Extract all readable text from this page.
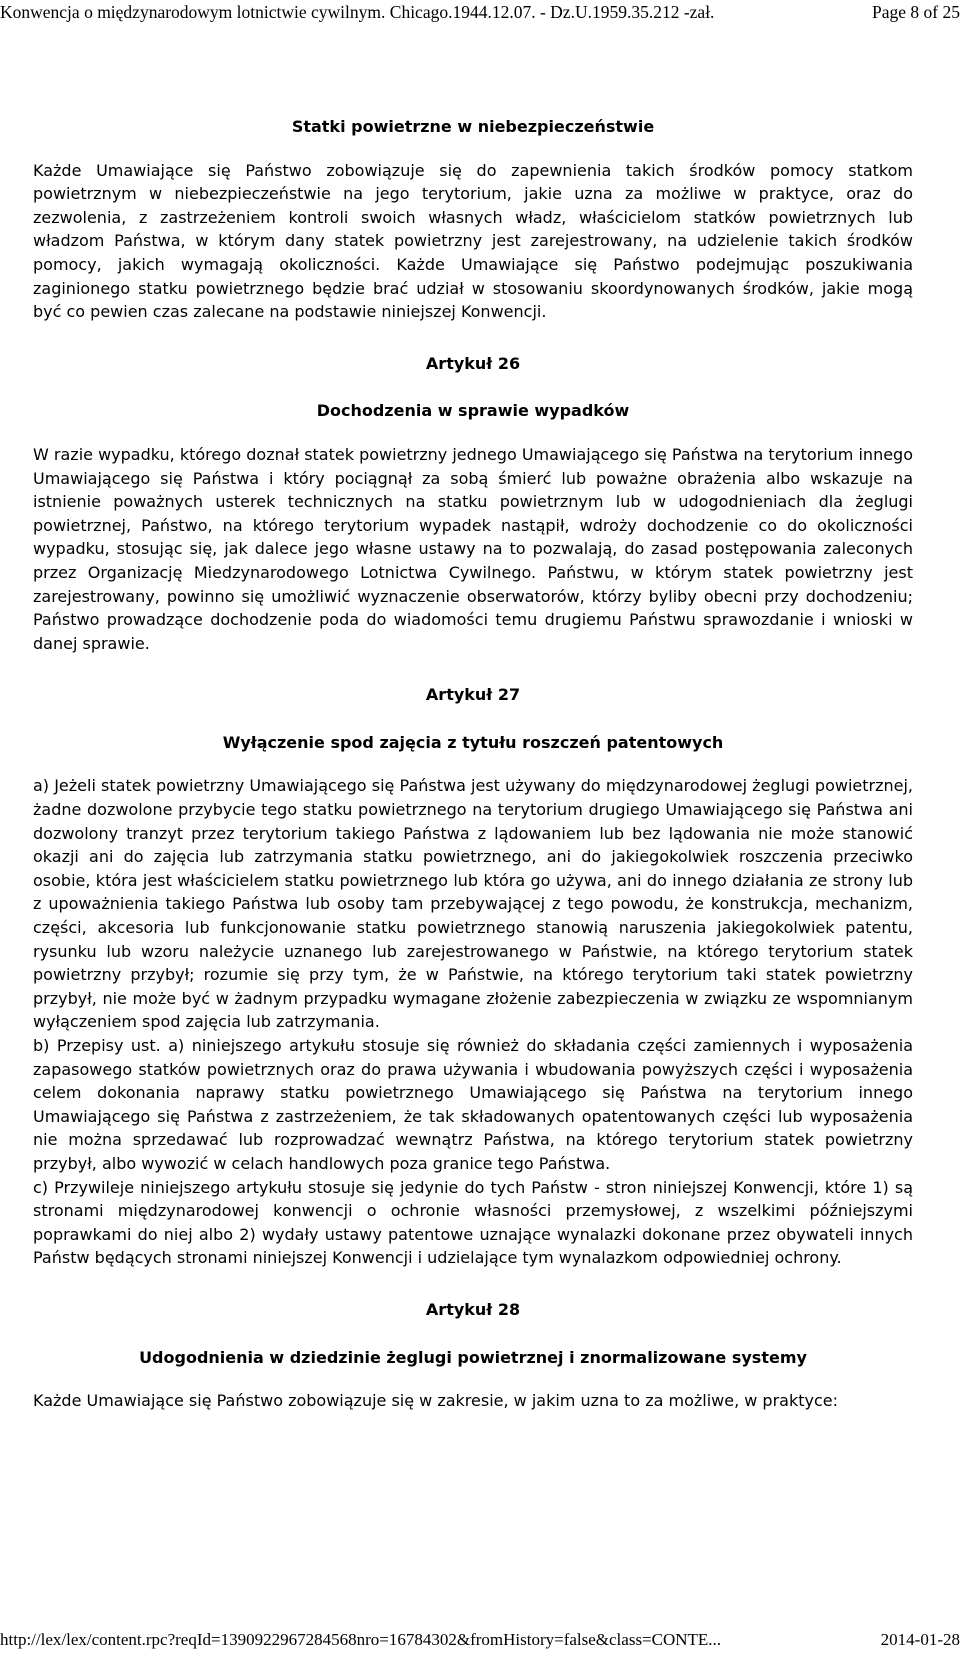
Konwencja o międzynarodowym lotnictwie cywilnym. Chicago.1944.12.07. - Dz.U.1959.35.212 -zał.	Page 8 of 25
Statki powietrzne w niebezpieczeństwie

Każde Umawiające się Państwo zobowiązuje się do zapewnienia takich środków pomocy statkom powietrznym w niebezpieczeństwie na jego terytorium, jakie uzna za możliwe w praktyce, oraz do zezwolenia, z zastrzeżeniem kontroli swoich własnych władz, właścicielom statków powietrznych lub władzom Państwa, w którym dany statek powietrzny jest zarejestrowany, na udzielenie takich środków pomocy, jakich wymagają okoliczności. Każde Umawiające się Państwo podejmując poszukiwania zaginionego statku powietrznego będzie brać udział w stosowaniu skoordynowanych środków, jakie mogą być co pewien czas zalecane na podstawie niniejszej Konwencji.

Artykuł 26
Dochodzenia w sprawie wypadków

W razie wypadku, którego doznał statek powietrzny jednego Umawiającego się Państwa na terytorium innego Umawiającego się Państwa i który pociągnął za sobą śmierć lub poważne obrażenia albo wskazuje na istnienie poważnych usterek technicznych na statku powietrznym lub w udogodnieniach dla żeglugi powietrznej, Państwo, na którego terytorium wypadek nastąpił, wdroży dochodzenie co do okoliczności wypadku, stosując się, jak dalece jego własne ustawy na to pozwalają, do zasad postępowania zaleconych przez Organizację Miedzynarodowego Lotnictwa Cywilnego. Państwu, w którym statek powietrzny jest zarejestrowany, powinno się umożliwić wyznaczenie obserwatorów, którzy byliby obecni przy dochodzeniu; Państwo prowadzące dochodzenie poda do wiadomości temu drugiemu Państwu sprawozdanie i wnioski w danej sprawie.

Artykuł 27
Wyłączenie spod zajęcia z tytułu roszczeń patentowych

a) Jeżeli statek powietrzny Umawiającego się Państwa jest używany do międzynarodowej żeglugi powietrznej, żadne dozwolone przybycie tego statku powietrznego na terytorium drugiego Umawiającego się Państwa ani dozwolony tranzyt przez terytorium takiego Państwa z lądowaniem lub bez lądowania nie może stanowić okazji ani do zajęcia lub zatrzymania statku powietrznego, ani do jakiegokolwiek roszczenia przeciwko osobie, która jest właścicielem statku powietrznego lub która go używa, ani do innego działania ze strony lub z upoważnienia takiego Państwa lub osoby tam przebywającej z tego powodu, że konstrukcja, mechanizm, części, akcesoria lub funkcjonowanie statku powietrznego stanowią naruszenia jakiegokolwiek patentu, rysunku lub wzoru należycie uznanego lub zarejestrowanego w Państwie, na którego terytorium statek powietrzny przybył; rozumie się przy tym, że w Państwie, na którego terytorium taki statek powietrzny przybył, nie może być w żadnym przypadku wymagane złożenie zabezpieczenia w związku ze wspomnianym wyłączeniem spod zajęcia lub zatrzymania.

b) Przepisy ust. a) niniejszego artykułu stosuje się również do składania części zamiennych i wyposażenia zapasowego statków powietrznych oraz do prawa używania i wbudowania powyższych części i wyposażenia celem dokonania naprawy statku powietrznego Umawiającego się Państwa na terytorium innego Umawiającego się Państwa z zastrzeżeniem, że tak składowanych opatentowanych części lub wyposażenia nie można sprzedawać lub rozprowadzać wewnątrz Państwa, na którego terytorium statek powietrzny przybył, albo wywozić w celach handlowych poza granice tego Państwa.

c) Przywileje niniejszego artykułu stosuje się jedynie do tych Państw - stron niniejszej Konwencji, które 1) są stronami międzynarodowej konwencji o ochronie własności przemysłowej, z wszelkimi późniejszymi poprawkami do niej albo 2) wydały ustawy patentowe uznające wynalazki dokonane przez obywateli innych Państw będących stronami niniejszej Konwencji i udzielające tym wynalazkom odpowiedniej ochrony.

Artykuł 28
Udogodnienia w dziedzinie żeglugi powietrznej i znormalizowane systemy

Każde Umawiające się Państwo zobowiązuje się w zakresie, w jakim uzna to za możliwe, w praktyce:

http://lex/lex/content.rpc?reqId=1390922967284568nro=16784302&fromHistory=false&class=CONTE...	2014-01-28
